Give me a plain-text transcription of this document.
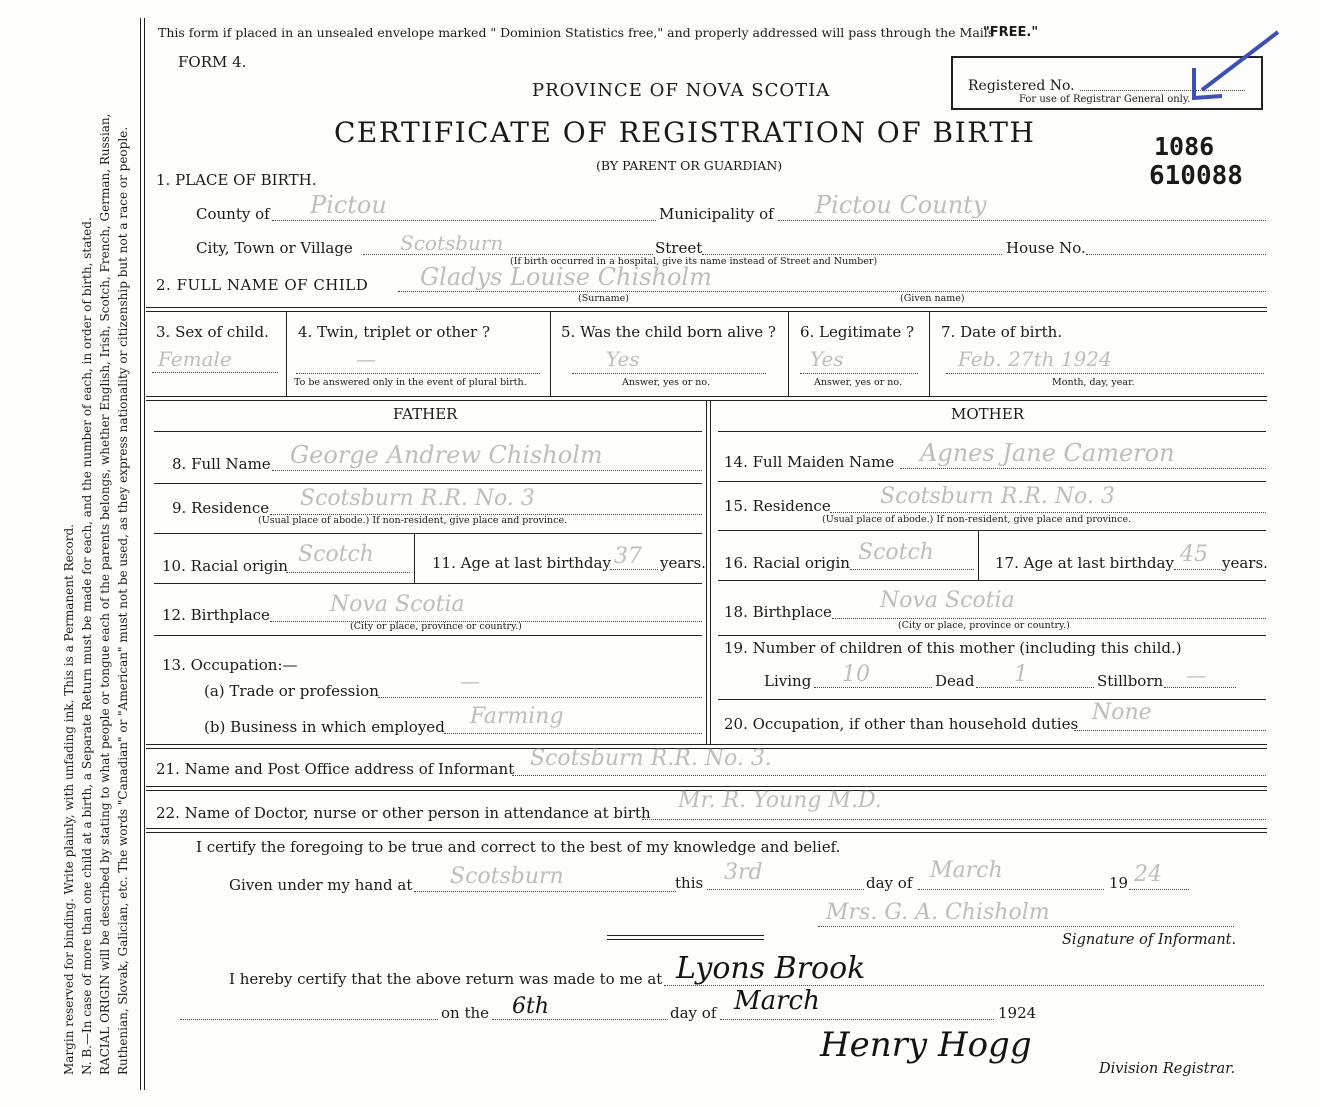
Margin reserved for binding. Write plainly, with unfading ink. This is a Permanent Record. N. B.—In case of more than one child at a birth, a Separate Return must be made for each, and the number of each, in order of birth, stated. RACIAL ORIGIN will be described by stating to what people or tongue each of the parents belongs, whether English, Irish, Scotch, French, German, Russian, Ruthenian, Slovak, Galician, etc. The words "Canadian" or "American" must not be used, as they express nationality or citizenship but not a race or people.
This form if placed in an unsealed envelope marked " Dominion Statistics free," and properly addressed will pass through the Mails
"FREE."
FORM 4.
Registered No.
For use of Registrar General only.
PROVINCE OF NOVA SCOTIA
CERTIFICATE OF REGISTRATION OF BIRTH
(BY PARENT OR GUARDIAN)
1086
610088
1. PLACE OF BIRTH.
County of Pictou	Municipality of Pictou County
City, Town or Village Scotsburn	Street	House No.
(If birth occurred in a hospital, give its name instead of Street and Number)
2. FULL NAME OF CHILD Gladys Louise Chisholm
(Surname)	(Given name)
3. Sex of child.
Female
4. Twin, triplet or other ?
—
To be answered only in the event of plural birth.
5. Was the child born alive ?
Yes
Answer, yes or no.
6. Legitimate ?
Yes
Answer, yes or no.
7. Date of birth.
Feb. 27th 1924
Month, day, year.
FATHER	MOTHER
8. Full Name George Andrew Chisholm
9. Residence Scotsburn R.R. No. 3
(Usual place of abode.) If non-resident, give place and province.
10. Racial origin Scotch	11. Age at last birthday 37 years.
12. Birthplace	Nova Scotia
(City or place, province or country.)
13. Occupation:—
(a) Trade or profession	—
(b) Business in which employed Farming
14. Full Maiden Name Agnes Jane Cameron
15. Residence Scotsburn R.R. No. 3
(Usual place of abode.) If non-resident, give place and province.
16. Racial origin Scotch	17. Age at last birthday 45 years.
18. Birthplace Nova Scotia
(City or place, province or country.)
19. Number of children of this mother (including this child.)
Living 10	Dead 1	Stillborn —
20. Occupation, if other than household duties None
21. Name and Post Office address of Informant Scotsburn R.R. No. 3.
22. Name of Doctor, nurse or other person in attendance at birth Mr. R. Young M.D.
I certify the foregoing to be true and correct to the best of my knowledge and belief.
Given under my hand at Scotsburn	this 3rd	day of March	19 24
Mrs. G. A. Chisholm
Signature of Informant.
I hereby certify that the above return was made to me at Lyons Brook
on the 6th	day of March	1924
Henry Hogg
Division Registrar.
